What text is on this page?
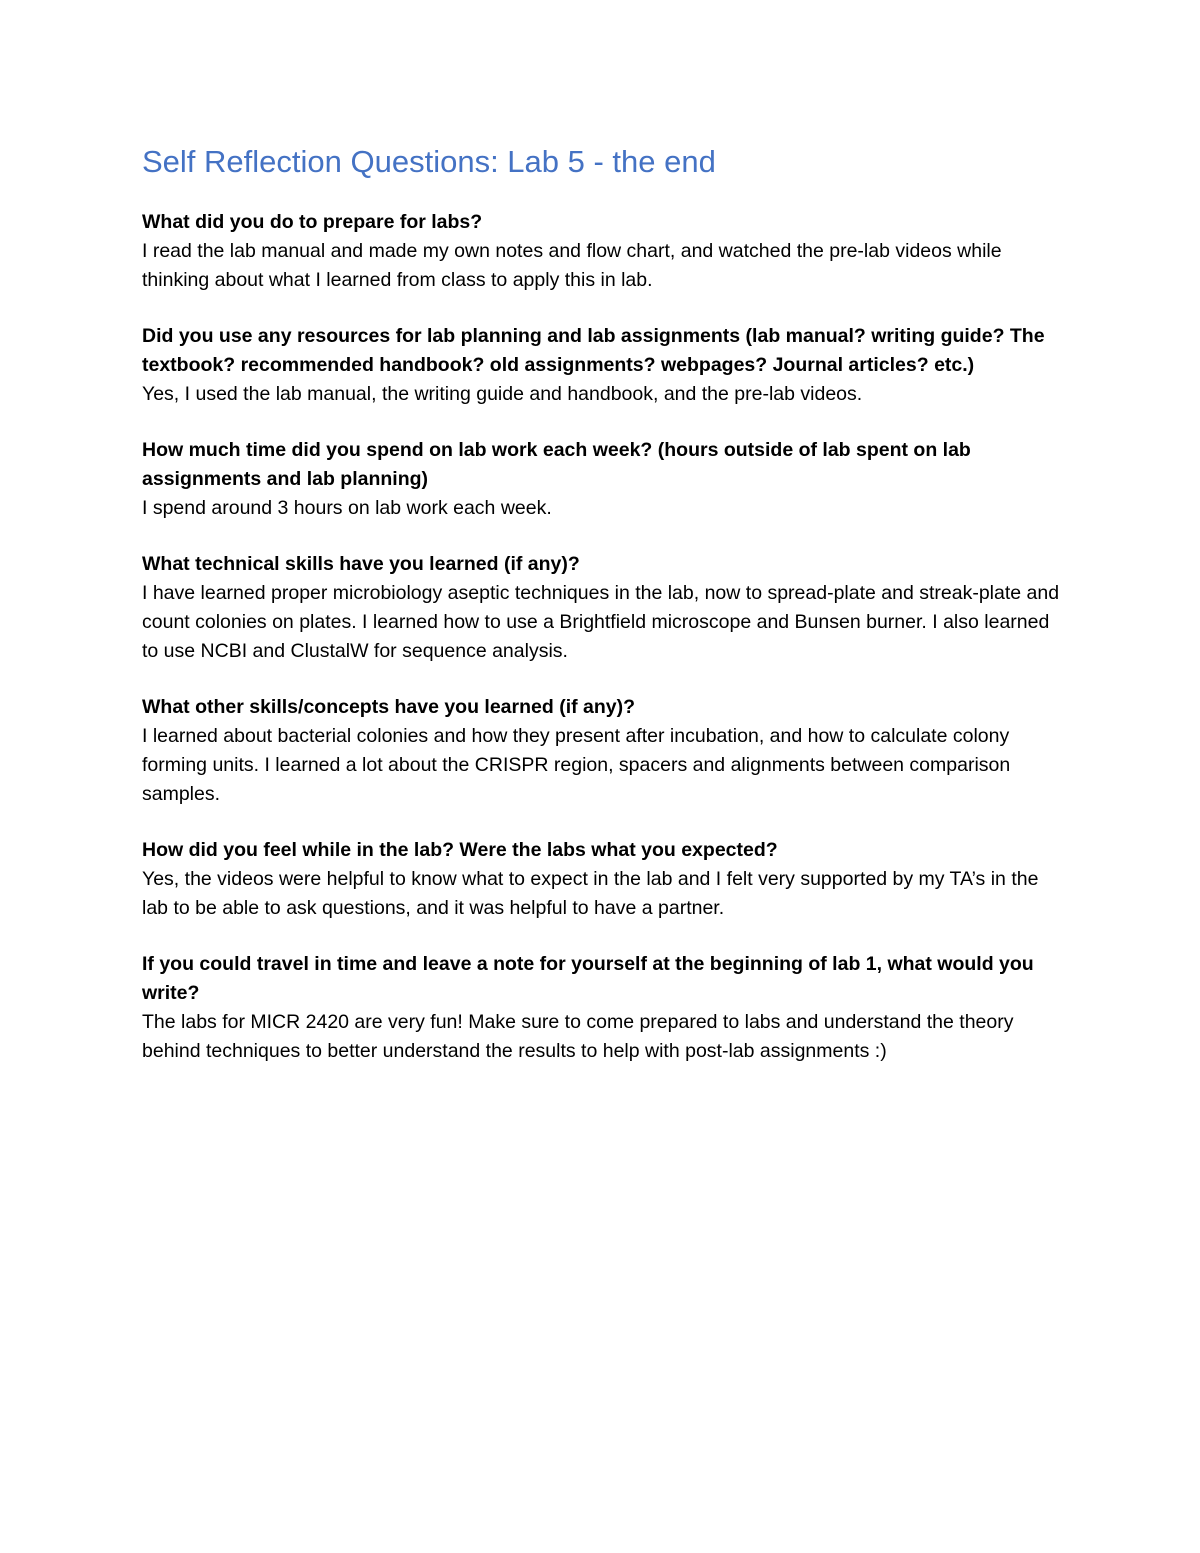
Self Reflection Questions: Lab 5 - the end

What did you do to prepare for labs?

I read the lab manual and made my own notes and flow chart, and watched the pre-lab videos while thinking about what I learned from class to apply this in lab.

Did you use any resources for lab planning and lab assignments (lab manual? writing guide? The textbook? recommended handbook? old assignments? webpages? Journal articles? etc.)

Yes, I used the lab manual, the writing guide and handbook, and the pre-lab videos.

How much time did you spend on lab work each week? (hours outside of lab spent on lab assignments and lab planning)

I spend around 3 hours on lab work each week.

What technical skills have you learned (if any)?

I have learned proper microbiology aseptic techniques in the lab, now to spread-plate and streak-plate and count colonies on plates. I learned how to use a Brightfield microscope and Bunsen burner. I also learned to use NCBI and ClustalW for sequence analysis.

What other skills/concepts have you learned (if any)?

I learned about bacterial colonies and how they present after incubation, and how to calculate colony forming units. I learned a lot about the CRISPR region, spacers and alignments between comparison samples.

How did you feel while in the lab? Were the labs what you expected?

Yes, the videos were helpful to know what to expect in the lab and I felt very supported by my TA’s in the lab to be able to ask questions, and it was helpful to have a partner.

If you could travel in time and leave a note for yourself at the beginning of lab 1, what would you write?

The labs for MICR 2420 are very fun! Make sure to come prepared to labs and understand the theory behind techniques to better understand the results to help with post-lab assignments :)
